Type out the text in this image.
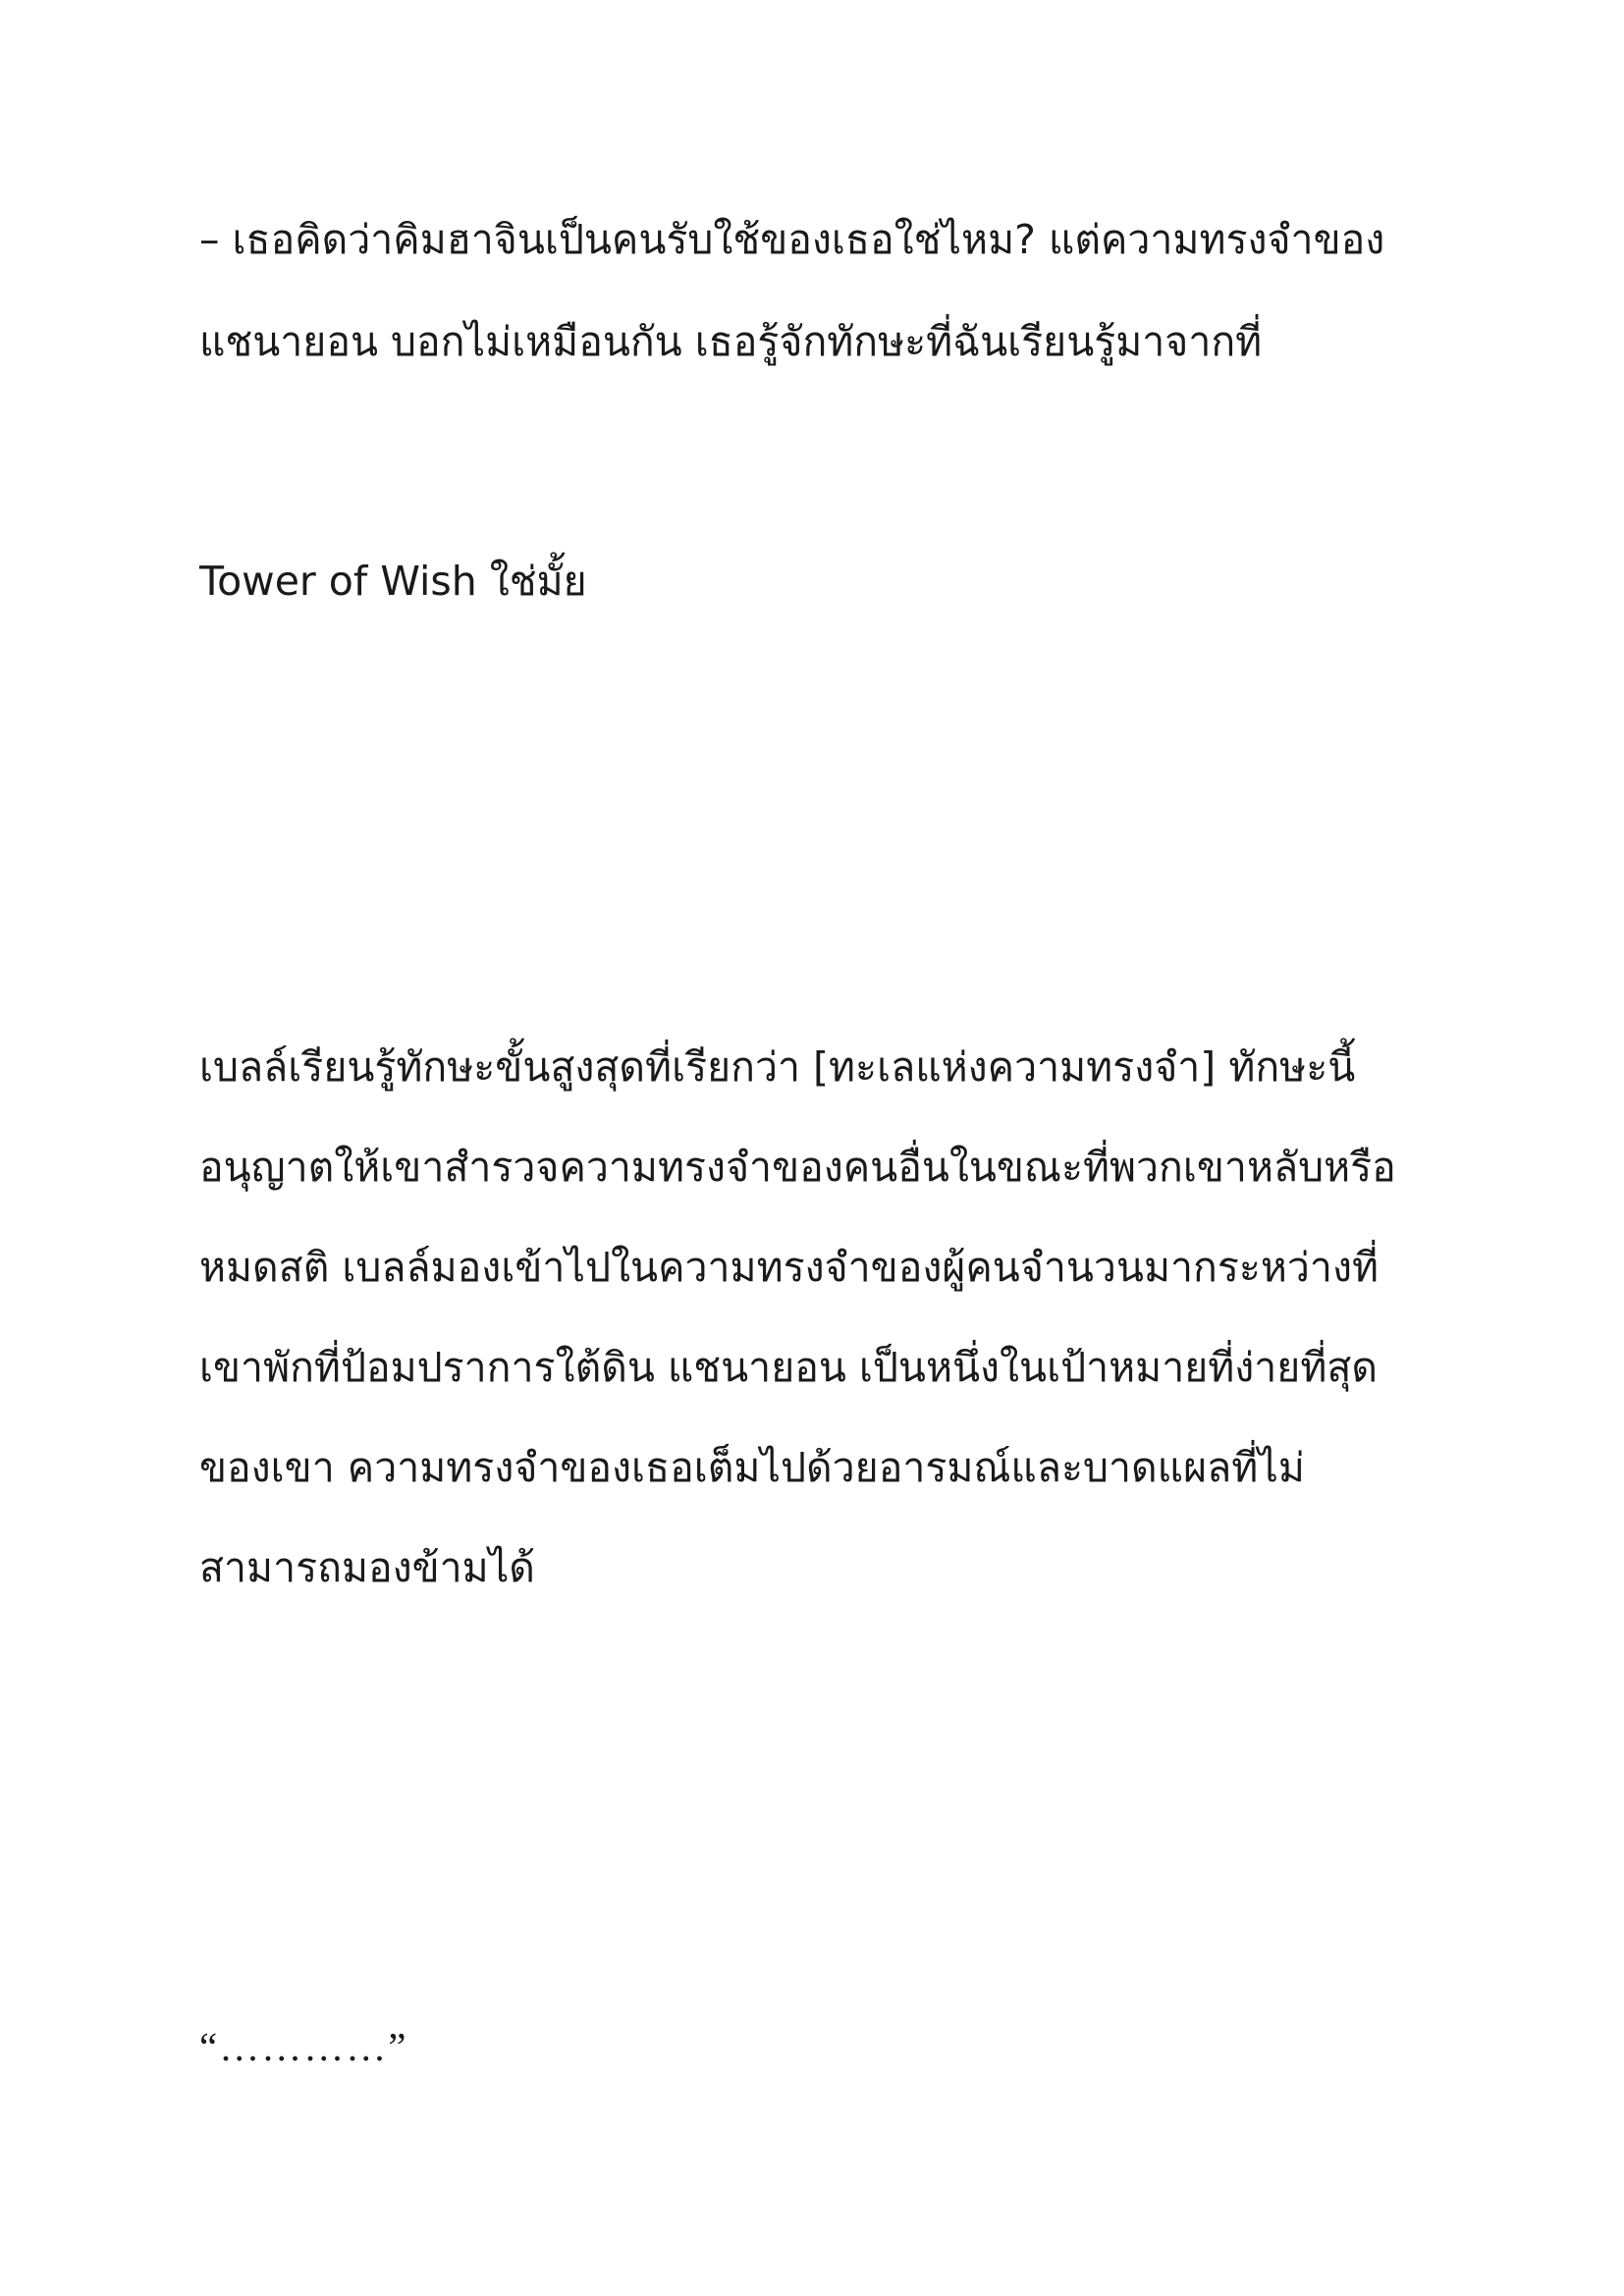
– เธอคิดว่าคิมฮาจินเป็นคนรับใช้ของเธอใช่ไหม? แต่ความทรงจำของ

แชนายอน บอกไม่เหมือนกัน เธอรู้จักทักษะที่ฉันเรียนรู้มาจากที่

Tower of Wish ใช่มั้ย

เบลล์เรียนรู้ทักษะขั้นสูงสุดที่เรียกว่า [ทะเลแห่งความทรงจำ] ทักษะนี้

อนุญาตให้เขาสำรวจความทรงจำของคนอื่นในขณะที่พวกเขาหลับหรือ

หมดสติ เบลล์มองเข้าไปในความทรงจำของผู้คนจำนวนมากระหว่างที่

เขาพักที่ป้อมปราการใต้ดิน แชนายอน เป็นหนึ่งในเป้าหมายที่ง่ายที่สุด

ของเขา ความทรงจำของเธอเต็มไปด้วยอารมณ์และบาดแผลที่ไม่

สามารถมองข้ามได้

“…………”
